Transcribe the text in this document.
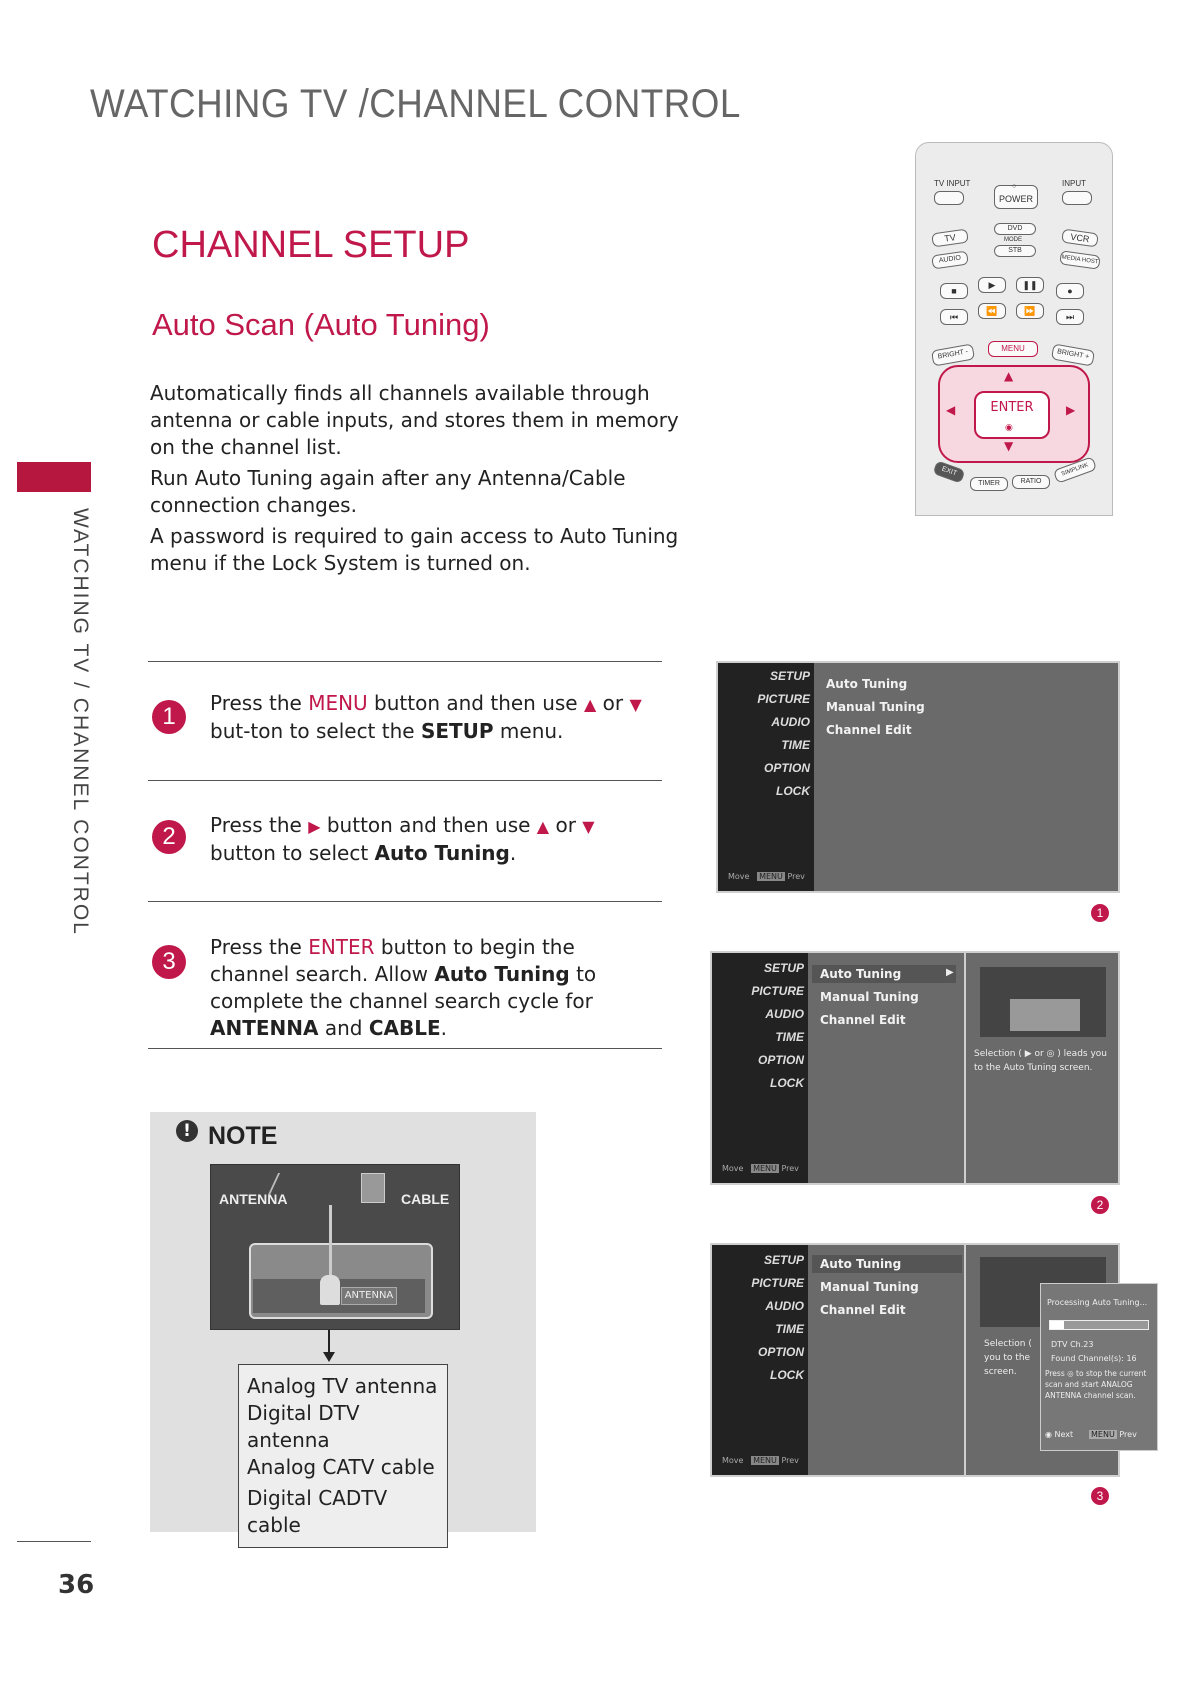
WATCHING TV /CHANNEL CONTROL
WATCHING TV / CHANNEL CONTROL
CHANNEL SETUP
Auto Scan (Auto Tuning)

Automatically finds all channels available through antenna or cable inputs, and stores them in memory on the channel list.

Run Auto Tuning again after any Antenna/Cable connection changes.

A password is required to gain access to Auto Tuning menu if the Lock System is turned on.

1	Press the MENU button and then use ▲ or ▼ but-ton to select the SETUP menu.
2	Press the ▶ button and then use ▲ or ▼ button to select Auto Tuning.
3
Press the ENTER button to begin the channel search. Allow Auto Tuning to complete the channel search cycle for ANTENNA and CABLE.
! NOTE
ANTENNA	CABLE
ANTENNA
Analog TV antenna
Digital DTV antenna
Analog CATV cable
Digital CADTV cable
36
TV INPUT
POWER
○	INPUT
TV
DVD
MODE
STB
VCR
AUDIO	MEDIA HOST
■
▶	❚❚
●
⏮
⏪	⏩
⏭
BRIGHT -	MENU	BRIGHT +
▲
▼
◀	▶
ENTER
◉
EXIT
TIMER	RATIO
SIMPLINK
SETUP
PICTURE
AUDIO
TIME
OPTION
LOCK
Move MENU Prev
Auto Tuning
Manual Tuning
Channel Edit
1
SETUP
PICTURE
AUDIO
TIME
OPTION
LOCK
Move MENU Prev
Auto Tuning	▶
Manual Tuning
Channel Edit
Selection ( ▶ or ◎ ) leads you to the Auto Tuning screen.
2
SETUP
PICTURE
AUDIO
TIME
OPTION
LOCK
Move MENU Prev
Auto Tuning
Manual Tuning
Channel Edit
Selection (
you to the
screen.
Processing Auto Tuning...
DTV Ch.23
Found Channel(s): 16
Press ◎ to stop the current scan and start ANALOG ANTENNA channel scan.
◉ Next MENU Prev
3
